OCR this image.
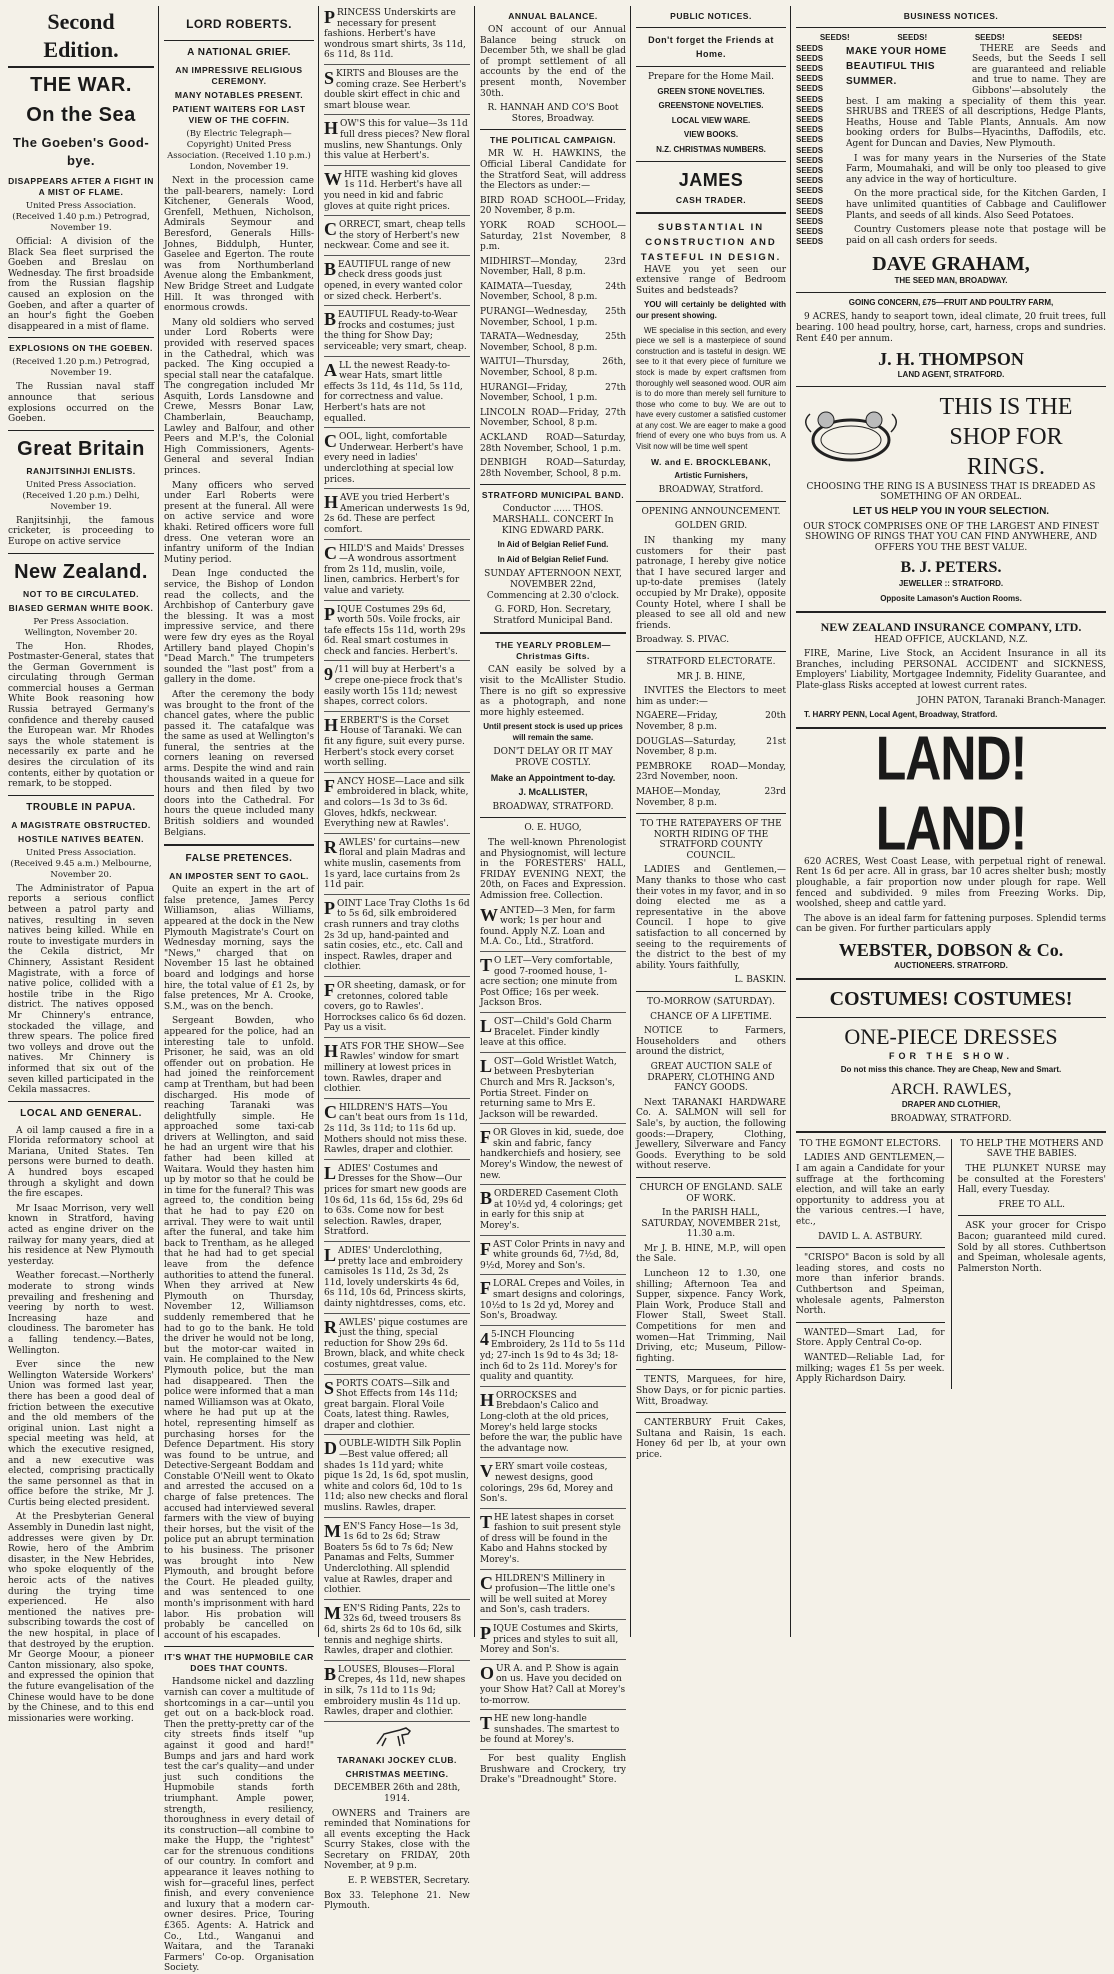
Second Edition.
THE WAR.
On the Sea
The Goeben's Good-bye.
DISAPPEARS AFTER A FIGHT IN A MIST OF FLAME.

United Press Association. (Received 1.40 p.m.) Petrograd, November 19.

Official: A division of the Black Sea fleet surprised the Goeben and Breslau on Wednesday. The first broadside from the Russian flagship caused an explosion on the Goeben, and after a quarter of an hour's fight the Goeben disappeared in a mist of flame.

EXPLOSIONS ON THE GOEBEN.

(Received 1.20 p.m.) Petrograd, November 19.

The Russian naval staff announce that serious explosions occurred on the Goeben.

Great Britain
RANJITSINHJI ENLISTS.

United Press Association. (Received 1.20 p.m.) Delhi, November 19.

Ranjitsinhji, the famous cricketer, is proceeding to Europe on active service

New Zealand.
NOT TO BE CIRCULATED.
BIASED GERMAN WHITE BOOK.

Per Press Association. Wellington, November 20.

The Hon. Rhodes, Postmaster-General, states that the German Government is circulating through German commercial houses a German White Book reasoning how Russia betrayed Germany's confidence and thereby caused the European war. Mr Rhodes says the whole statement is necessarily ex parte and he desires the circulation of its contents, either by quotation or remark, to be stopped.

TROUBLE IN PAPUA.
A MAGISTRATE OBSTRUCTED.
HOSTILE NATIVES BEATEN.

United Press Association. (Received 9.45 a.m.) Melbourne, November 20.

The Administrator of Papua reports a serious conflict between a patrol party and natives, resulting in seven natives being killed. While en route to investigate murders in the Cekila district, Mr Chinnery, Assistant Resident Magistrate, with a force of native police, collided with a hostile tribe in the Rigo district. The natives opposed Mr Chinnery's entrance, stockaded the village, and threw spears. The police fired two volleys and drove out the natives. Mr Chinnery is informed that six out of the seven killed participated in the Cekila massacres.

LOCAL AND GENERAL.

A oil lamp caused a fire in a Florida reformatory school at Mariana, United States. Ten persons were burned to death. A hundred boys escaped through a skylight and down the fire escapes.

Mr Isaac Morrison, very well known in Stratford, having acted as engine driver on the railway for many years, died at his residence at New Plymouth yesterday.

Weather forecast.—Northerly moderate to strong winds prevailing and freshening and veering by north to west. Increasing haze and cloudiness. The barometer has a falling tendency.—Bates, Wellington.

Ever since the new Wellington Waterside Workers' Union was formed last year, there has been a good deal of friction between the executive and the old members of the original union. Last night a special meeting was held, at which the executive resigned, and a new executive was elected, comprising practically the same personnel as that in office before the strike, Mr J. Curtis being elected president.

At the Presbyterian General Assembly in Dunedin last night, addresses were given by Dr. Rowie, hero of the Ambrim disaster, in the New Hebrides, who spoke eloquently of the heroic acts of the natives during the trying time experienced. He also mentioned the natives pre-subscribing towards the cost of the new hospital, in place of that destroyed by the eruption. Mr George Moour, a pioneer Canton missionary, also spoke, and expressed the opinion that the future evangelisation of the Chinese would have to be done by the Chinese, and to this end missionaries were working.

LORD ROBERTS.
A NATIONAL GRIEF.
AN IMPRESSIVE RELIGIOUS CEREMONY.
MANY NOTABLES PRESENT.
PATIENT WAITERS FOR LAST VIEW OF THE COFFIN.

(By Electric Telegraph—Copyright) United Press Association. (Received 1.10 p.m.) London, November 19.

Next in the procession came the pall-bearers, namely: Lord Kitchener, Generals Wood, Grenfell, Methuen, Nicholson, Admirals Seymour and Beresford, Generals Hills-Johnes, Biddulph, Hunter, Gaselee and Egerton. The route was from Northumberland Avenue along the Embankment, New Bridge Street and Ludgate Hill. It was thronged with enormous crowds.

Many old soldiers who served under Lord Roberts were provided with reserved spaces in the Cathedral, which was packed. The King occupied a special stall near the catafalque. The congregation included Mr Asquith, Lords Lansdowne and Crewe, Messrs Bonar Law, Chamberlain, Beauchamp, Lawley and Balfour, and other Peers and M.P.'s, the Colonial High Commissioners, Agents-General and several Indian princes.

Many officers who served under Earl Roberts were present at the funeral. All were on active service and wore khaki. Retired officers wore full dress. One veteran wore an infantry uniform of the Indian Mutiny period.

Dean Inge conducted the service, the Bishop of London read the collects, and the Archbishop of Canterbury gave the blessing. It was a most impressive service, and there were few dry eyes as the Royal Artillery band played Chopin's "Dead March." The trumpeters sounded the "last post" from a gallery in the dome.

After the ceremony the body was brought to the front of the chancel gates, where the public passed it. The catafalque was the same as used at Wellington's funeral, the sentries at the corners leaning on reversed arms. Despite the wind and rain thousands waited in a queue for hours and then filed by two doors into the Cathedral. For hours the queue included many British soldiers and wounded Belgians.

FALSE PRETENCES.
AN IMPOSTER SENT TO GAOL.

Quite an expert in the art of false pretence, James Percy Williamson, alias Williams, appeared at the dock in the New Plymouth Magistrate's Court on Wednesday morning, says the "News," charged that on November 15 last he obtained board and lodgings and horse hire, the total value of £1 2s, by false pretences, Mr A. Crooke, S.M., was on the bench.

Sergeant Bowden, who appeared for the police, had an interesting tale to unfold. Prisoner, he said, was an old offender out on probation. He had joined the reinforcement camp at Trentham, but had been discharged. His mode of reaching Taranaki was delightfully simple. He approached some taxi-cab drivers at Wellington, and said he had an urgent wire that his father had been killed at Waitara. Would they hasten him up by motor so that he could be in time for the funeral? This was agreed to, the condition being that he had to pay £20 on arrival. They were to wait until after the funeral, and take him back to Trentham, as he alleged that he had had to get special leave from the defence authorities to attend the funeral. When they arrived at New Plymouth on Thursday, November 12, Williamson suddenly remembered that he had to go to the bank. He told the driver he would not be long, but the motor-car waited in vain. He complained to the New Plymouth police, but the man had disappeared. Then the police were informed that a man named Williamson was at Okato, where he had put up at the hotel, representing himself as purchasing horses for the Defence Department. His story was found to be untrue, and Detective-Sergeant Boddam and Constable O'Neill went to Okato and arrested the accused on a charge of false pretences. The accused had interviewed several farmers with the view of buying their horses, but the visit of the police put an abrupt termination to his business. The prisoner was brought into New Plymouth, and brought before the Court. He pleaded guilty, and was sentenced to one month's imprisonment with hard labor. His probation will probably be cancelled on account of his escapades.

IT'S WHAT THE HUPMOBILE CAR DOES THAT COUNTS.

Handsome nickel and dazzling varnish can cover a multitude of shortcomings in a car—until you get out on a back-block road. Then the pretty-pretty car of the city streets finds itself "up against it good and hard!" Bumps and jars and hard work test the car's quality—and under just such conditions the Hupmobile stands forth triumphant. Ample power, strength, resiliency, thoroughness in every detail of its construction—all combine to make the Hupp, the "rightest" car for the strenuous conditions of our country. In comfort and appearance it leaves nothing to wish for—graceful lines, perfect finish, and every convenience and luxury that a modern car-owner desires. Price, Touring £365. Agents: A. Hatrick and Co., Ltd., Wanganui and Waitara, and the Taranaki Farmers' Co-op. Organisation Society.

PRINCESS Underskirts are necessary for present fashions. Herbert's have wondrous smart shirts, 3s 11d, 6s 11d, 8s 11d.
SKIRTS and Blouses are the coming craze. See Herbert's double skirt effect in chic and smart blouse wear.
HOW'S this for value—3s 11d full dress pieces? New floral muslins, new Shantungs. Only this value at Herbert's.
WHITE washing kid gloves 1s 11d. Herbert's have all you need in kid and fabric gloves at quite right prices.
CORRECT, smart, cheap tells the story of Herbert's new neckwear. Come and see it.
BEAUTIFUL range of new check dress goods just opened, in every wanted color or sized check. Herbert's.
BEAUTIFUL Ready-to-Wear frocks and costumes; just the thing for Show Day; serviceable; very smart, cheap.
ALL the newest Ready-to-wear Hats, smart little effects 3s 11d, 4s 11d, 5s 11d, for correctness and value. Herbert's hats are not equalled.
COOL, light, comfortable Underwear. Herbert's have every need in ladies' underclothing at special low prices.
HAVE you tried Herbert's American underwests 1s 9d, 2s 6d. These are perfect comfort.
CHILD'S and Maids' Dresses—A wondrous assortment from 2s 11d, muslin, voile, linen, cambrics. Herbert's for value and variety.
PIQUE Costumes 29s 6d, worth 50s. Voile frocks, air tafe effects 15s 11d, worth 29s 6d. Real smart costumes in check and fancies. Herbert's.
9 /11 will buy at Herbert's a crepe one-piece frock that's easily worth 15s 11d; newest shapes, correct colors.
HERBERT'S is the Corset House of Taranaki. We can fit any figure, suit every purse. Herbert's stock every corset worth selling.
FANCY HOSE—Lace and silk embroidered in black, white, and colors—1s 3d to 3s 6d. Gloves, hdkfs, neckwear. Everything new at Rawles'.
RAWLES' for curtains—new floral and plain Madras and white muslin, casements from 1s yard, lace curtains from 2s 11d pair.
POINT Lace Tray Cloths 1s 6d to 5s 6d, silk embroidered crash runners and tray cloths 2s 3d up, hand-painted and satin cosies, etc., etc. Call and inspect. Rawles, draper and clothier.
FOR sheeting, damask, or for cretonnes, colored table covers, go to Rawles'. Horrockses calico 6s 6d dozen. Pay us a visit.
HATS FOR THE SHOW—See Rawles' window for smart millinery at lowest prices in town. Rawles, draper and clothier.
CHILDREN'S HATS—You can't beat ours from 1s 11d, 2s 11d, 3s 11d; to 11s 6d up. Mothers should not miss these. Rawles, draper and clothier.
LADIES' Costumes and Dresses for the Show—Our prices for smart new goods are 10s 6d, 11s 6d, 15s 6d, 29s 6d to 63s. Come now for best selection. Rawles, draper, Stratford.
LADIES' Underclothing, pretty lace and embroidery camisoles 1s 11d, 2s 3d, 2s 11d, lovely underskirts 4s 6d, 6s 11d, 10s 6d, Princess skirts, dainty nightdresses, coms, etc.
RAWLES' pique costumes are just the thing, special reduction for Show 29s 6d. Brown, black, and white check costumes, great value.
SPORTS COATS—Silk and Shot Effects from 14s 11d; great bargain. Floral Voile Coats, latest thing. Rawles, draper and clothier.
DOUBLE-WIDTH Silk Poplin—Best value offered; all shades 1s 11d yard; white pique 1s 2d, 1s 6d, spot muslin, white and colors 6d, 10d to 1s 11d; also new checks and floral muslins. Rawles, draper.
MEN'S Fancy Hose—1s 3d, 1s 6d to 2s 6d; Straw Boaters 5s 6d to 7s 6d; New Panamas and Felts, Summer Underclothing. All splendid value at Rawles, draper and clothier.
MEN'S Riding Pants, 22s to 32s 6d, tweed trousers 8s 6d, shirts 2s 6d to 10s 6d, silk tennis and neghige shirts. Rawles, draper and clothier.
BLOUSES, Blouses—Floral Crepes, 4s 11d, new shapes in silk, 7s 11d to 11s 9d; embroidery muslin 4s 11d up. Rawles, draper and clothier.
TARANAKI JOCKEY CLUB.
CHRISTMAS MEETING.

DECEMBER 26th and 28th, 1914.

OWNERS and Trainers are reminded that Nominations for all events excepting the Hack Scurry Stakes, close with the Secretary on FRIDAY, 20th November, at 9 p.m.

E. P. WEBSTER, Secretary.

Box 33. Telephone 21. New Plymouth.

ANNUAL BALANCE.

ON account of our Annual Balance being struck on December 5th, we shall be glad of prompt settlement of all accounts by the end of the present month, November 30th.

R. HANNAH AND CO'S Boot Stores, Broadway.

THE POLITICAL CAMPAIGN.

MR W. H. HAWKINS, the Official Liberal Candidate for the Stratford Seat, will address the Electors as under:—

BIRD ROAD SCHOOL—Friday, 20 November, 8 p.m.

YORK ROAD SCHOOL—Saturday, 21st November, 8 p.m.

MIDHIRST—Monday, 23rd November, Hall, 8 p.m.

KAIMATA—Tuesday, 24th November, School, 8 p.m.

PURANGI—Wednesday, 25th November, School, 1 p.m.

TARATA—Wednesday, 25th November, School, 8 p.m.

WAITUI—Thursday, 26th, November, School, 8 p.m.

HURANGI—Friday, 27th November, School, 1 p.m.

LINCOLN ROAD—Friday, 27th November, School, 8 p.m.

ACKLAND ROAD—Saturday, 28th November, School, 1 p.m.

DENBIGH ROAD—Saturday, 28th November, School, 8 p.m.

STRATFORD MUNICIPAL BAND.

Conductor ...... THOS. MARSHALL. CONCERT In KING EDWARD PARK.

In Aid of Belgian Relief Fund.

In Aid of Belgian Relief Fund.

SUNDAY AFTERNOON NEXT, NOVEMBER 22nd, Commencing at 2.30 o'clock.

G. FORD, Hon. Secretary, Stratford Municipal Band.

THE YEARLY PROBLEM— Christmas Gifts.

CAN easily be solved by a visit to the McAllister Studio. There is no gift so expressive as a photograph, and none more highly esteemed.

Until present stock is used up prices will remain the same.

DON'T DELAY OR IT MAY PROVE COSTLY.

Make an Appointment to-day.

J. McALLISTER,

BROADWAY, STRATFORD.

O. E. HUGO,

The well-known Phrenologist and Physiognomist, will lecture in the FORESTERS' HALL, FRIDAY EVENING NEXT, the 20th, on Faces and Expression. Admission free. Collection.

WANTED—3 Men, for farm work; 1s per hour and found. Apply N.Z. Loan and M.A. Co., Ltd., Stratford.
T O LET—Very comfortable, good 7-roomed house, 1-acre section; one minute from Post Office; 16s per week. Jackson Bros.
LOST—Child's Gold Charm Bracelet. Finder kindly leave at this office.
LOST—Gold Wristlet Watch, between Presbyterian Church and Mrs R. Jackson's, Portia Street. Finder on returning same to Mrs E. Jackson will be rewarded.
FOR Gloves in kid, suede, doe skin and fabric, fancy handkerchiefs and hosiery, see Morey's Window, the newest of new.
BORDERED Casement Cloth at 10½d yd, 4 colorings; get in early for this snip at Morey's.
FAST Color Prints in navy and white grounds 6d, 7½d, 8d, 9½d, Morey and Son's.
FLORAL Crepes and Voiles, in smart designs and colorings, 10½d to 1s 2d yd, Morey and Son's, Broadway.
4 5-INCH Flouncing Embroidery, 2s 11d to 5s 11d yd; 27-inch 1s 9d to 4s 3d; 18-inch 6d to 2s 11d. Morey's for quality and quantity.
HORROCKSES and Brebdaon's Calico and Long-cloth at the old prices, Morey's held large stocks before the war, the public have the advantage now.
VERY smart voile costeas, newest designs, good colorings, 29s 6d, Morey and Son's.
THE latest shapes in corset fashion to suit present style of dress will be found in the Kabo and Hahns stocked by Morey's.
CHILDREN'S Millinery in profusion—The little one's will be well suited at Morey and Son's, cash traders.
PIQUE Costumes and Skirts, prices and styles to suit all, Morey and Son's.
OUR A. and P. Show is again on us. Have you decided on your Show Hat? Call at Morey's to-morrow.
THE new long-handle sunshades. The smartest to be found at Morey's.

For best quality English Brushware and Crockery, try Drake's "Dreadnought" Store.

PUBLIC NOTICES.
Don't forget the Friends at Home.

Prepare for the Home Mail.

GREEN STONE NOVELTIES.

GREENSTONE NOVELTIES.

LOCAL VIEW WARE.

VIEW BOOKS.

N.Z. CHRISTMAS NUMBERS.

JAMES
CASH TRADER.
SUBSTANTIAL IN CONSTRUCTION AND TASTEFUL IN DESIGN.

HAVE you yet seen our extensive range of Bedroom Suites and bedsteads?

YOU will certainly be delighted with our present showing.

WE specialise in this section, and every piece we sell is a masterpiece of sound construction and is tasteful in design. WE see to it that every piece of furniture we stock is made by expert craftsmen from thoroughly well seasoned wood. OUR aim is to do more than merely sell furniture to those who come to buy. We are out to have every customer a satisfied customer at any cost. We are eager to make a good friend of every one who buys from us. A Visit now will be time well spent

W. and E. BROCKLEBANK,

Artistic Furnishers,

BROADWAY, Stratford.

OPENING ANNOUNCEMENT.

GOLDEN GRID.

IN thanking my many customers for their past patronage, I hereby give notice that I have secured larger and up-to-date premises (lately occupied by Mr Drake), opposite County Hotel, where I shall be pleased to see all old and new friends.

Broadway. S. PIVAC.

STRATFORD ELECTORATE.

MR J. B. HINE,

INVITES the Electors to meet him as under:—

NGAERE—Friday, 20th November, 8 p.m.

DOUGLAS—Saturday, 21st November, 8 p.m.

PEMBROKE ROAD—Monday, 23rd November, noon.

MAHOE—Monday, 23rd November, 8 p.m.

TO THE RATEPAYERS OF THE NORTH RIDING OF THE STRATFORD COUNTY COUNCIL.

LADIES and Gentlemen,—Many thanks to those who cast their votes in my favor, and in so doing elected me as a representative in the above Council. I hope to give satisfaction to all concerned by seeing to the requirements of the district to the best of my ability. Yours faithfully,

L. BASKIN.

TO-MORROW (SATURDAY).

CHANCE OF A LIFETIME.

NOTICE to Farmers, Householders and others around the district,

GREAT AUCTION SALE of DRAPERY, CLOTHING AND FANCY GOODS.

Next TARANAKI HARDWARE Co. A. SALMON will sell for Sale's, by auction, the following goods:—Drapery, Clothing, Jewellery, Silverware and Fancy Goods. Everything to be sold without reserve.

CHURCH OF ENGLAND. SALE OF WORK.

In the PARISH HALL, SATURDAY, NOVEMBER 21st, 11.30 a.m.

Mr J. B. HINE, M.P., will open the Sale.

Luncheon 12 to 1.30, one shilling; Afternoon Tea and Supper, sixpence. Fancy Work, Plain Work, Produce Stall and Flower Stall, Sweet Stall. Competitions for men and women—Hat Trimming, Nail Driving, etc; Museum, Pillow-fighting.

TENTS, Marquees, for hire, Show Days, or for picnic parties. Witt, Broadway.

CANTERBURY Fruit Cakes, Sultana and Raisin, 1s each. Honey 6d per lb, at your own price.

BUSINESS NOTICES.
SEEDS!	SEEDS!	SEEDS!	SEEDS!
SEEDS
SEEDS
SEEDS
SEEDS
SEEDS
SEEDS
SEEDS
SEEDS
SEEDS
SEEDS
SEEDS
SEEDS
SEEDS
SEEDS
SEEDS
SEEDS
SEEDS
SEEDS
SEEDS
SEEDS
MAKE YOUR HOME BEAUTIFUL THIS SUMMER.

THERE are Seeds and Seeds, but the Seeds I sell are guaranteed and reliable and true to name. They are Gibbons'—absolutely the best. I am making a speciality of them this year. SHRUBS and TREES of all descriptions, Hedge Plants, Heaths, House and Table Plants, Annuals. Am now booking orders for Bulbs—Hyacinths, Daffodils, etc. Agent for Duncan and Davies, New Plymouth.

I was for many years in the Nurseries of the State Farm, Moumahaki, and will be only too pleased to give any advice in the way of horticulture.

On the more practical side, for the Kitchen Garden, I have unlimited quantities of Cabbage and Cauliflower Plants, and seeds of all kinds. Also Seed Potatoes.

Country Customers please note that postage will be paid on all cash orders for seeds.

DAVE GRAHAM,

THE SEED MAN, BROADWAY.

GOING CONCERN, £75—FRUIT AND POULTRY FARM,

9 ACRES, handy to seaport town, ideal climate, 20 fruit trees, full bearing. 100 head poultry, horse, cart, harness, crops and sundries. Rent £40 per annum.

J. H. THOMPSON

LAND AGENT, STRATFORD.

THIS IS THE
SHOP FOR
RINGS.

CHOOSING THE RING IS A BUSINESS THAT IS DREADED AS SOMETHING OF AN ORDEAL.

LET US HELP YOU IN YOUR SELECTION.

OUR STOCK COMPRISES ONE OF THE LARGEST AND FINEST SHOWING OF RINGS THAT YOU CAN FIND ANYWHERE, AND OFFERS YOU THE BEST VALUE.

B. J. PETERS.

JEWELLER :: STRATFORD.

Opposite Lamason's Auction Rooms.

NEW ZEALAND INSURANCE COMPANY, LTD.

HEAD OFFICE, AUCKLAND, N.Z.

FIRE, Marine, Live Stock, an Accident Insurance in all its Branches, including PERSONAL ACCIDENT and SICKNESS, Employers' Liability, Mortgagee Indemnity, Fidelity Guarantee, and Plate-glass Risks accepted at lowest current rates.

JOHN PATON, Taranaki Branch-Manager.

T. HARRY PENN, Local Agent, Broadway, Stratford.

LAND! LAND!

620 ACRES, West Coast Lease, with perpetual right of renewal. Rent 1s 6d per acre. All in grass, bar 10 acres shelter bush; mostly ploughable, a fair proportion now under plough for rape. Well fenced and subdivided. 9 miles from Freezing Works. Dip, woolshed, sheep and cattle yard.

The above is an ideal farm for fattening purposes. Splendid terms can be given. For further particulars apply

WEBSTER, DOBSON & Co.

AUCTIONEERS. STRATFORD.

COSTUMES! COSTUMES!
ONE-PIECE DRESSES

FOR THE SHOW.

Do not miss this chance. They are Cheap, New and Smart.

ARCH. RAWLES,

DRAPER AND CLOTHIER,

BROADWAY, STRATFORD.

TO THE EGMONT ELECTORS.

LADIES AND GENTLEMEN,—I am again a Candidate for your suffrage at the forthcoming election, and will take an early opportunity to address you at the various centres.—I have, etc.,

DAVID L. A. ASTBURY.

"CRISPO" Bacon is sold by all leading stores, and costs no more than inferior brands. Cuthbertson and Speiman, wholesale agents, Palmerston North.

WANTED—Smart Lad, for Store. Apply Central Co-op.

WANTED—Reliable Lad, for milking; wages £1 5s per week. Apply Richardson Dairy.

TO HELP THE MOTHERS AND SAVE THE BABIES.

THE PLUNKET NURSE may be consulted at the Foresters' Hall, every Tuesday.

FREE TO ALL.

ASK your grocer for Crispo Bacon; guaranteed mild cured. Sold by all stores. Cuthbertson and Speiman, wholesale agents, Palmerston North.
